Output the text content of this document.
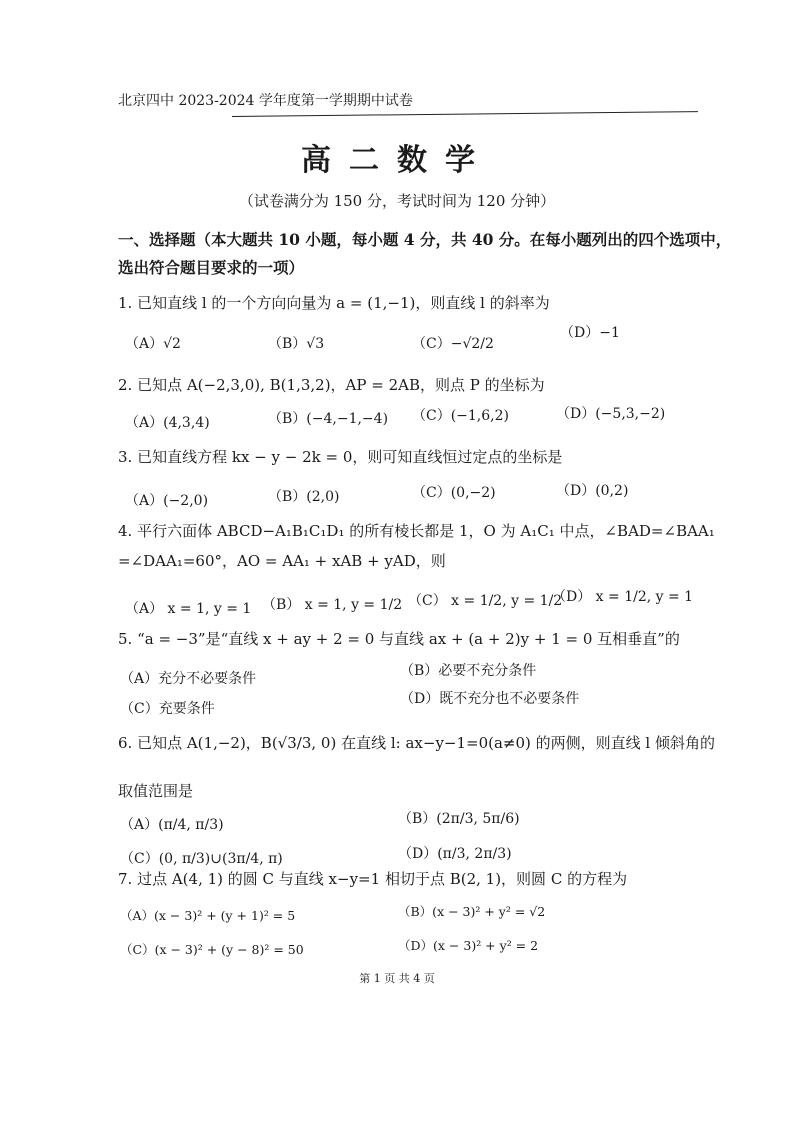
北京四中 2023-2024 学年度第一学期期中试卷
高二数学
（试卷满分为 150 分，考试时间为 120 分钟）
一、选择题（本大题共 10 小题，每小题 4 分，共 40 分。在每小题列出的四个选项中，
选出符合题目要求的一项）
1. 已知直线 l 的一个方向向量为 a = (1,−1)，则直线 l 的斜率为
（A）√2	（B）√3	（C）−√2/2
（D）−1
2. 已知点 A(−2,3,0), B(1,3,2)，AP = 2AB，则点 P 的坐标为
（A）(4,3,4)	（B）(−4,−1,−4) （C）(−1,6,2)	（D）(−5,3,−2)
3. 已知直线方程 kx − y − 2k = 0，则可知直线恒过定点的坐标是
（A）(−2,0)	（B）(2,0)	（C）(0,−2)	（D）(0,2)
4. 平行六面体 ABCD−A₁B₁C₁D₁ 的所有棱长都是 1，O 为 A₁C₁ 中点，∠BAD=∠BAA₁
=∠DAA₁=60°，AO = AA₁ + xAB + yAD，则
（A） x = 1, y = 1 （B） x = 1, y = 1/2 （C） x = 1/2, y = 1/2
（D） x = 1/2, y = 1
5. “a = −3”是“直线 x + ay + 2 = 0 与直线 ax + (a + 2)y + 1 = 0 互相垂直”的
（A）充分不必要条件	（B）必要不充分条件
（C）充要条件
（D）既不充分也不必要条件
6. 已知点 A(1,−2)，B(√3/3, 0) 在直线 l: ax−y−1=0(a≠0) 的两侧，则直线 l 倾斜角的
取值范围是
（A）(π/4, π/3)	（B）(2π/3, 5π/6)
（C）(0, π/3)∪(3π/4, π)	（D）(π/3, 2π/3)
7. 过点 A(4, 1) 的圆 C 与直线 x−y=1 相切于点 B(2, 1)，则圆 C 的方程为
（A）(x − 3)² + (y + 1)² = 5	（B）(x − 3)² + y² = √2
（C）(x − 3)² + (y − 8)² = 50	（D）(x − 3)² + y² = 2
第 1 页 共 4 页
